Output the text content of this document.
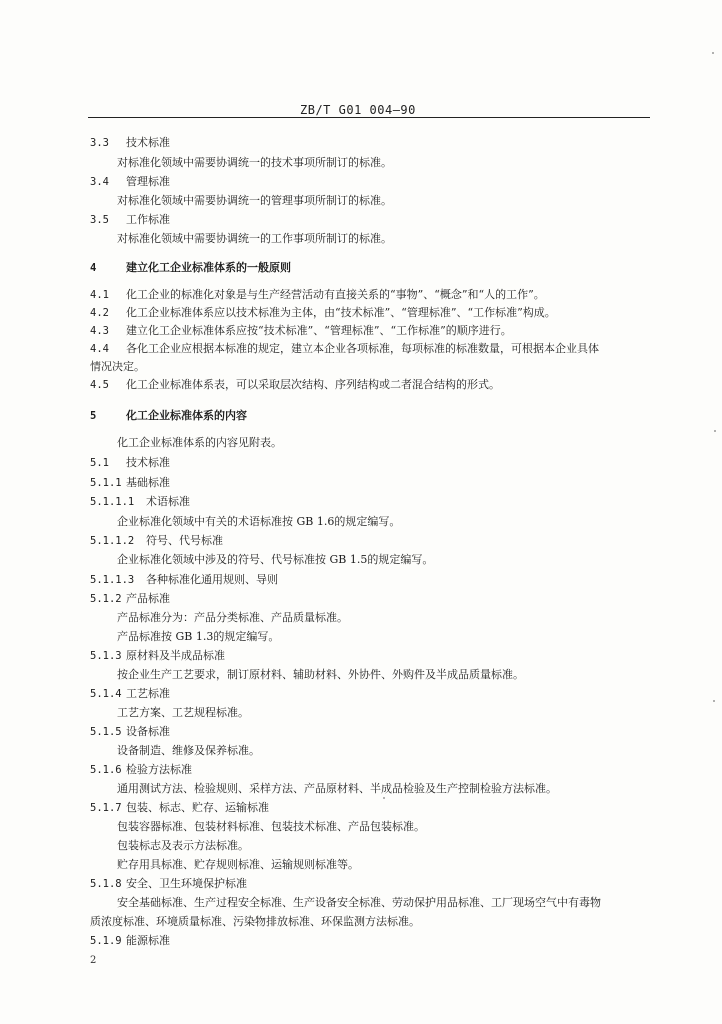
ZB/T G01 004—90
3.3 技术标准
对标准化领域中需要协调统一的技术事项所制订的标准。
3.4 管理标准
对标准化领域中需要协调统一的管理事项所制订的标准。
3.5 工作标准
对标准化领域中需要协调统一的工作事项所制订的标准。
4	建立化工企业标准体系的一般原则
4.1 化工企业的标准化对象是与生产经营活动有直接关系的“事物”、“概念”和“人的工作”。
4.2 化工企业标准体系应以技术标准为主体，由“技术标准”、“管理标准”、“工作标准”构成。
4.3 建立化工企业标准体系应按“技术标准”、“管理标准”、“工作标准”的顺序进行。
4.4 各化工企业应根据本标准的规定，建立本企业各项标准，每项标准的标准数量，可根据本企业具体
情况决定。
4.5 化工企业标准体系表，可以采取层次结构、序列结构或二者混合结构的形式。
5	化工企业标准体系的内容
化工企业标准体系的内容见附表。
5.1 技术标准
5.1.1 基础标准
5.1.1.1 术语标准
企业标准化领域中有关的术语标准按 GB 1.6的规定编写。
5.1.1.2 符号、代号标准
企业标准化领域中涉及的符号、代号标准按 GB 1.5的规定编写。
5.1.1.3 各种标准化通用规则、导则
5.1.2 产品标准
产品标准分为：产品分类标准、产品质量标准。
产品标准按 GB 1.3的规定编写。
5.1.3 原材料及半成品标准
按企业生产工艺要求，制订原材料、辅助材料、外协件、外购件及半成品质量标准。
5.1.4 工艺标准
工艺方案、工艺规程标准。
5.1.5 设备标准
设备制造、维修及保养标准。
5.1.6 检验方法标准
通用测试方法、检验规则、采样方法、产品原材料、半成品检验及生产控制检验方法标准。
5.1.7 包装、标志、贮存、运输标准
包装容器标准、包装材料标准、包装技术标准、产品包装标准。
包装标志及表示方法标准。
贮存用具标准、贮存规则标准、运输规则标准等。
5.1.8 安全、卫生环境保护标准
安全基础标准、生产过程安全标准、生产设备安全标准、劳动保护用品标准、工厂现场空气中有毒物
质浓度标准、环境质量标准、污染物排放标准、环保监测方法标准。
5.1.9 能源标准
2
